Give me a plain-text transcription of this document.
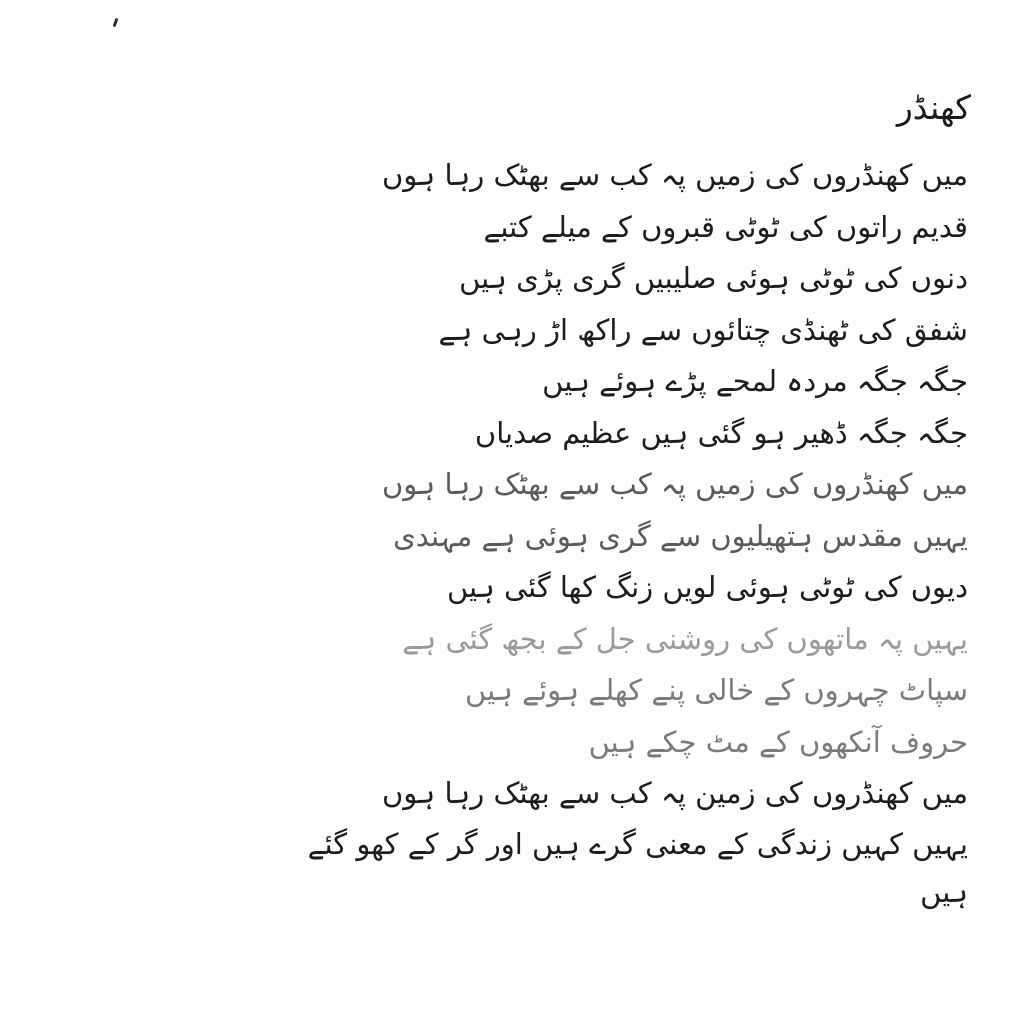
کھنڈر
میں کھنڈروں کی زمیں پہ کب سے بھٹک رہا ہوں
قدیم راتوں کی ٹوٹی قبروں کے میلے کتبے
دنوں کی ٹوٹی ہوئی صلیبیں گری پڑی ہیں
شفق کی ٹھنڈی چتائوں سے راکھ اڑ رہی ہے
جگہ جگہ مردہ لمحے پڑے ہوئے ہیں
جگہ جگہ ڈھیر ہو گئی ہیں عظیم صدیاں
میں کھنڈروں کی زمیں پہ کب سے بھٹک رہا ہوں
یہیں مقدس ہتھیلیوں سے گری ہوئی ہے مہندی
دیوں کی ٹوٹی ہوئی لویں زنگ کھا گئی ہیں
یہیں پہ ماتھوں کی روشنی جل کے بجھ گئی ہے
سپاٹ چہروں کے خالی پنے کھلے ہوئے ہیں
حروف آنکھوں کے مٹ چکے ہیں
میں کھنڈروں کی زمین پہ کب سے بھٹک رہا ہوں
یہیں کہیں زندگی کے معنی گرے ہیں اور گر کے کھو گئے
ہیں
